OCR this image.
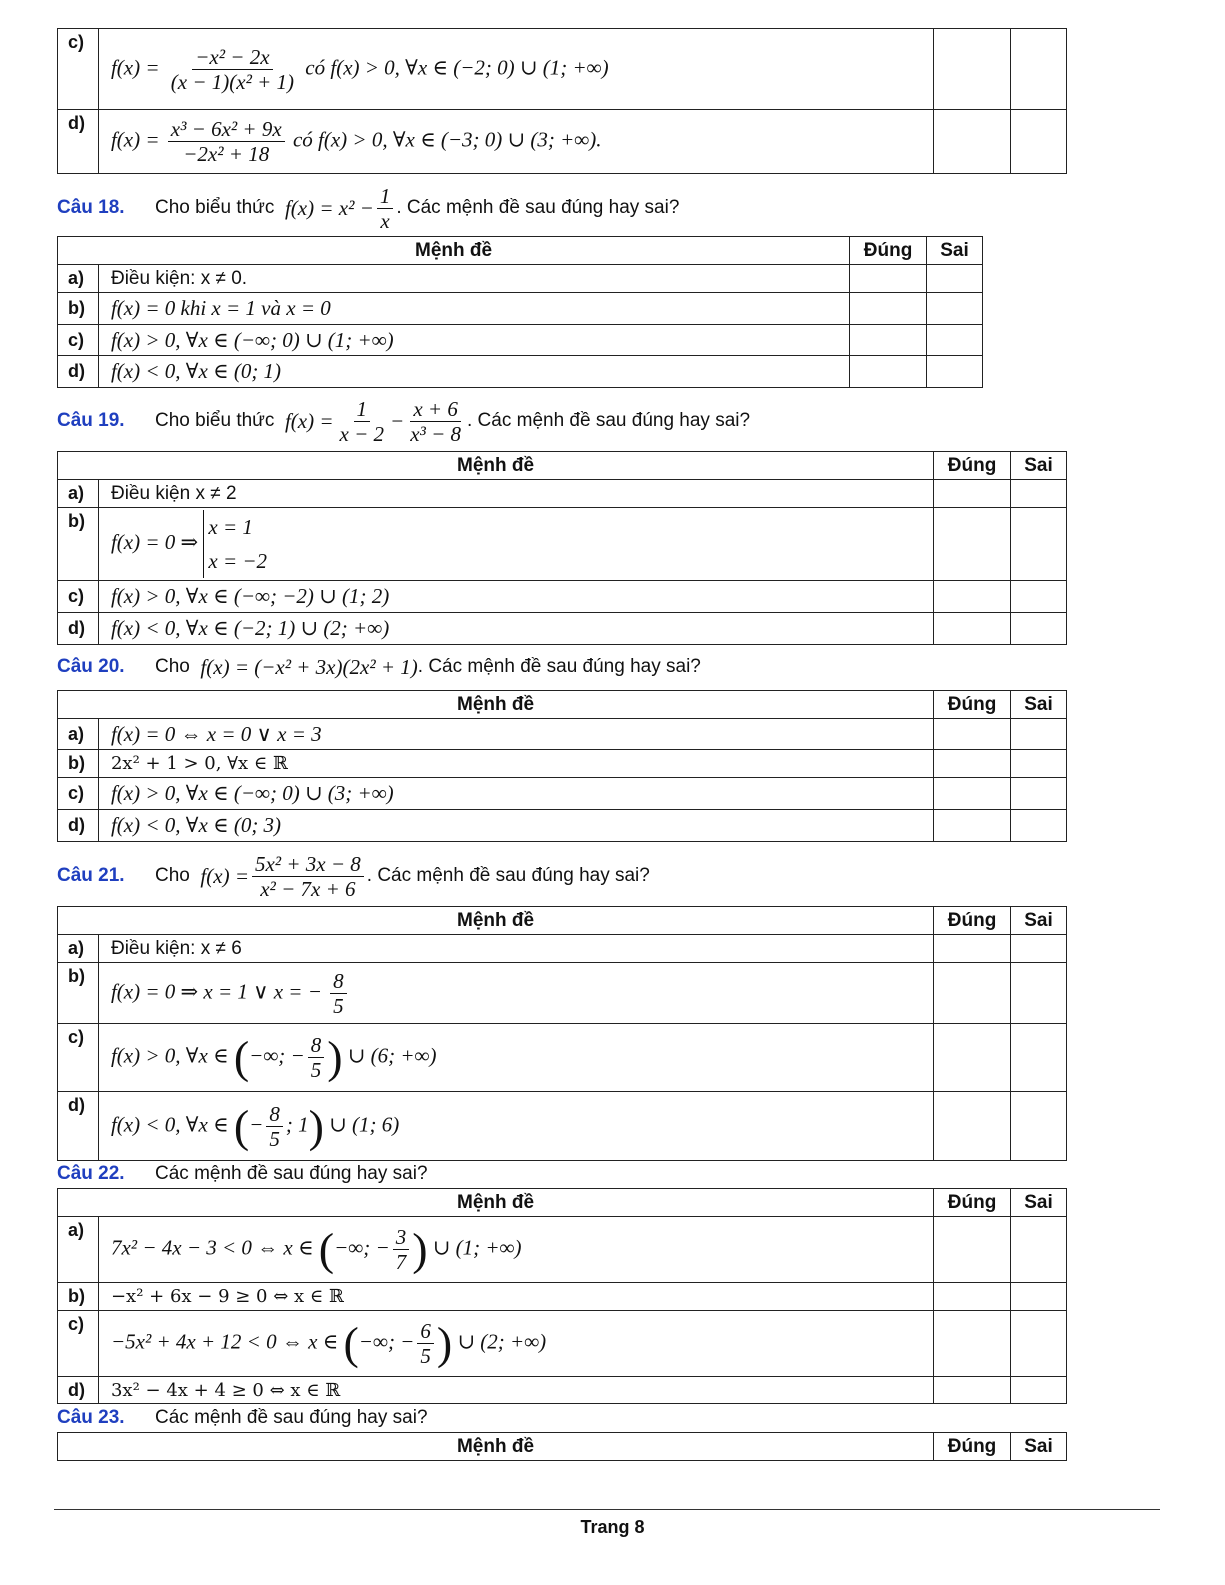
c)	$f(x) = \frac{\text{−x² − 2x}}{\text{(x − 1)(x² + 1)}}$ có f(x) > 0, ∀x ∈ (−2; 0) ∪ (1; +∞)		
d)	$f(x) = \frac{\text{x³ − 6x² + 9x}}{\text{−2x² + 18}}$ có f(x) > 0, ∀x ∈ (−3; 0) ∪ (3; +∞).		
Câu 18.	Cho biểu thức
$f(x) = x^2 - \frac{1}{x}$ . Các mệnh đề sau đúng hay sai?
Mệnh đề		Đúng	Sai
a)	Điều kiện: x ≠ 0.		
b)	f(x) = 0 khi x = 1 và x = 0		
c)	f(x) > 0, ∀x ∈ (−∞; 0) ∪ (1; +∞)		
d)	f(x) < 0, ∀x ∈ (0; 1)		
Câu 19.	Cho biểu thức
$f(x) = \frac{1}{x - 2} - \frac{x + 6}{\text{x³ − 8}}$ . Các mệnh đề sau đúng hay sai?
Mệnh đề		Đúng	Sai
a)	Điều kiện x ≠ 2		
b)	f(x) = 0 ⇒
x = 1
x = −2		

c)	f(x) > 0, ∀x ∈ (−∞; −2) ∪ (1; 2)		
d)	f(x) < 0, ∀x ∈ (−2; 1) ∪ (2; +∞)		
Câu 20.	Cho
f(x) = (−x² + 3x)(2x² + 1) . Các mệnh đề sau đúng hay sai?
Mệnh đề		Đúng	Sai
a)	f(x) = 0 ⇔ x = 0 ∨ x = 3		
b)	2x² + 1 > 0, ∀x ∈ ℝ		
c)	f(x) > 0, ∀x ∈ (−∞; 0) ∪ (3; +∞)		
d)	f(x) < 0, ∀x ∈ (0; 3)		
Câu 21.	Cho
$f(x) = \frac{\text{5x² + 3x − 8}}{\text{x² − 7x + 6}}$ . Các mệnh đề sau đúng hay sai?
Mệnh đề		Đúng	Sai
a)	Điều kiện: x ≠ 6		
b)	f(x) = 0 ⇒ x = 1 ∨ x = − $\frac{8}{5}$

c)	f(x) > 0, ∀x ∈ (−∞; − $\frac{8}{5}$ ) ∪ (6; +∞)		
d)	f(x) < 0, ∀x ∈ (− $\frac{8}{5}$ ; 1) ∪ (1; 6)		
Câu 22.	Các mệnh đề sau đúng hay sai?
Mệnh đề		Đúng	Sai
a)	7x² − 4x − 3 < 0 ⇔ x ∈ (−∞; − $\frac{3}{7}$ ) ∪ (1; +∞)		
b)	−x² + 6x − 9 ≥ 0 ⇔ x ∈ ℝ		
c)	−5x² + 4x + 12 < 0 ⇔ x ∈ (−∞; − $\frac{6}{5}$ ) ∪ (2; +∞)		
d)	3x² − 4x + 4 ≥ 0 ⇔ x ∈ ℝ		
Câu 23.	Các mệnh đề sau đúng hay sai?
Mệnh đề	Đúng	Sai
Trang 8
